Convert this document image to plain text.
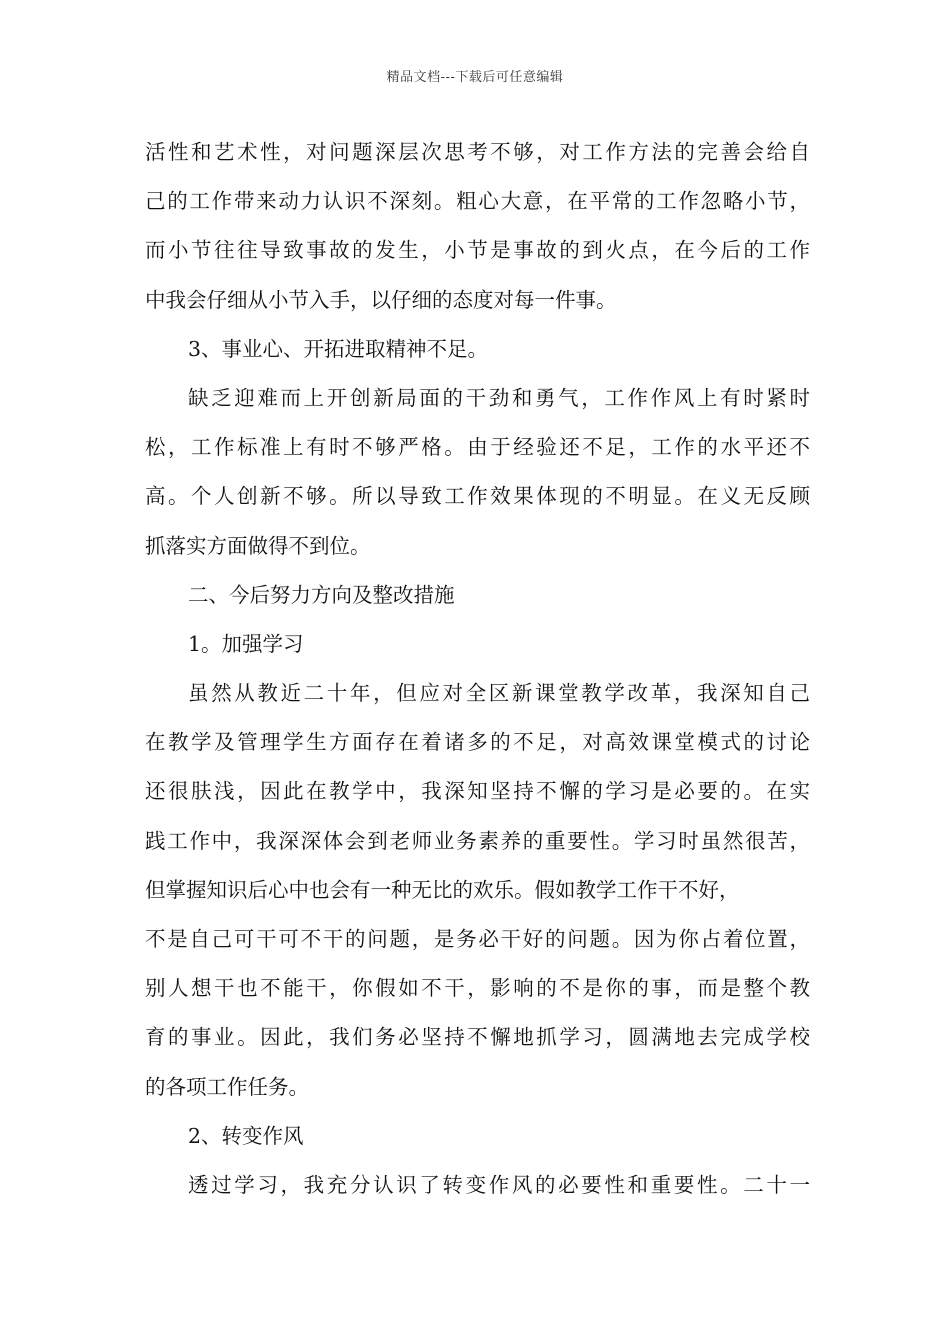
精品文档---下载后可任意编辑
活性和艺术性，对问题深层次思考不够，对工作方法的完善会给自
己的工作带来动力认识不深刻。粗心大意，在平常的工作忽略小节，
而小节往往导致事故的发生，小节是事故的到火点，在今后的工作
中我会仔细从小节入手，以仔细的态度对每一件事。
3、事业心、开拓进取精神不足。
缺乏迎难而上开创新局面的干劲和勇气，工作作风上有时紧时
松，工作标准上有时不够严格。由于经验还不足，工作的水平还不
高。个人创新不够。所以导致工作效果体现的不明显。在义无反顾
抓落实方面做得不到位。
二、今后努力方向及整改措施
1。加强学习
虽然从教近二十年，但应对全区新课堂教学改革，我深知自己
在教学及管理学生方面存在着诸多的不足，对高效课堂模式的讨论
还很肤浅，因此在教学中，我深知坚持不懈的学习是必要的。在实
践工作中，我深深体会到老师业务素养的重要性。学习时虽然很苦，
但掌握知识后心中也会有一种无比的欢乐。假如教学工作干不好，
不是自己可干可不干的问题，是务必干好的问题。因为你占着位置，
别人想干也不能干，你假如不干，影响的不是你的事，而是整个教
育的事业。因此，我们务必坚持不懈地抓学习，圆满地去完成学校
的各项工作任务。
2、转变作风
透过学习，我充分认识了转变作风的必要性和重要性。二十一
